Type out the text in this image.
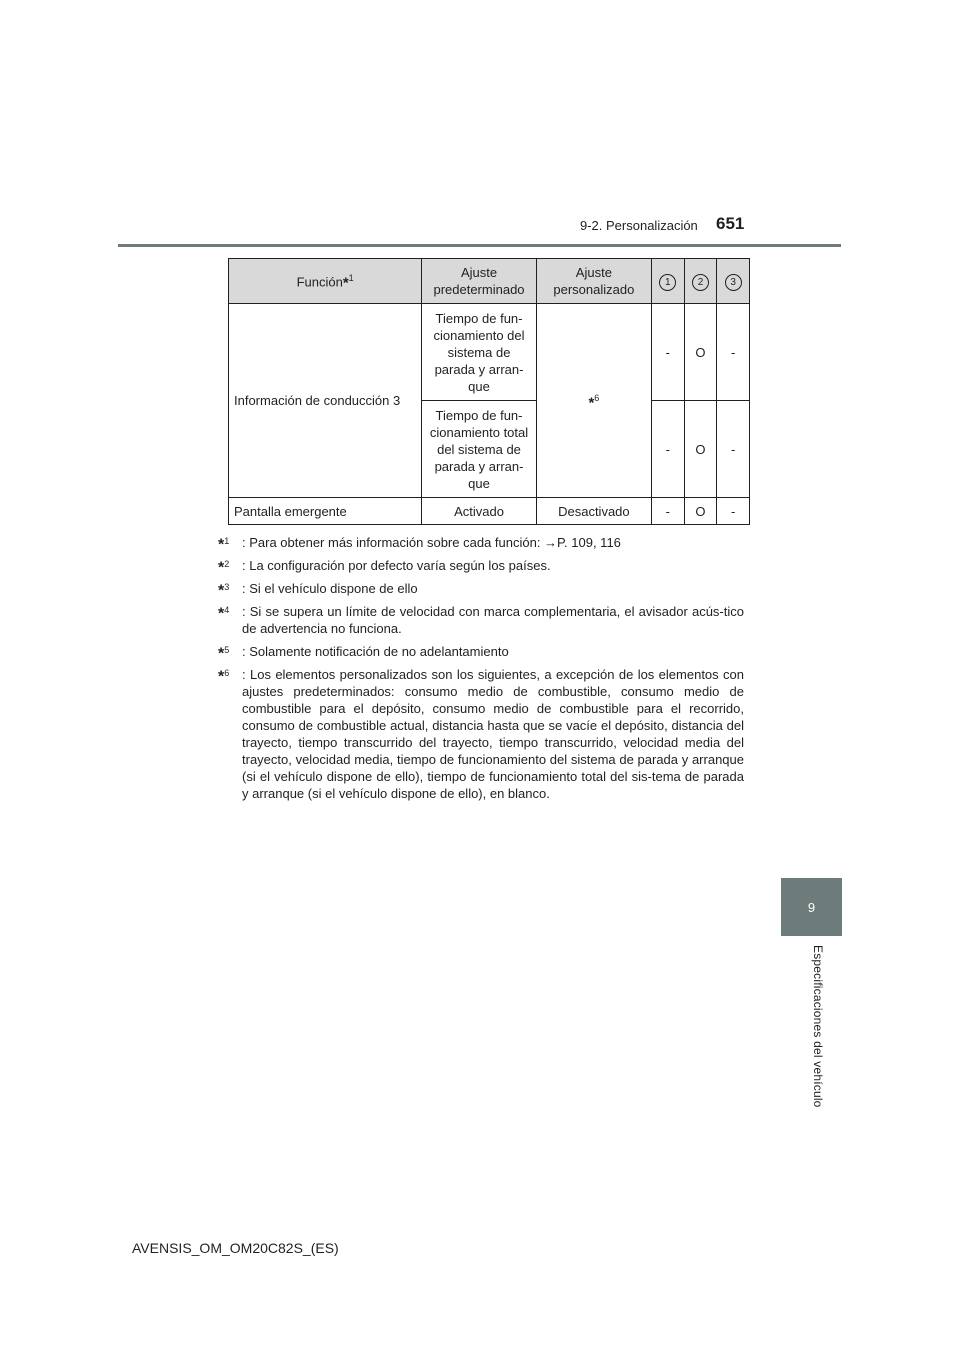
9-2. Personalización 651
9
Especificaciones del vehículo
Función*$^1$	Ajuste predeterminado	Ajuste personalizado	1	2	3
Información de conducción 3	Tiempo de fun-cionamiento del sistema de parada y arran-que	*$^6$	-	O	-

	Tiempo de fun-cionamiento total del sistema de parada y arran-que		-	O	-
Pantalla emergente	Activado	Desactivado	-	O	-
*$^1$ : Para obtener más información sobre cada función: →P. 109, 116
*$^2$ : La configuración por defecto varía según los países.
*$^3$ : Si el vehículo dispone de ello
*$^4$ : Si se supera un límite de velocidad con marca complementaria, el avisador acús-tico de advertencia no funciona.
*$^5$ : Solamente notificación de no adelantamiento
*$^6$ : Los elementos personalizados son los siguientes, a excepción de los elementos con ajustes predeterminados: consumo medio de combustible, consumo medio de combustible para el depósito, consumo medio de combustible para el recorrido, consumo de combustible actual, distancia hasta que se vacíe el depósito, distancia del trayecto, tiempo transcurrido del trayecto, tiempo transcurrido, velocidad media del trayecto, velocidad media, tiempo de funcionamiento del sistema de parada y arranque (si el vehículo dispone de ello), tiempo de funcionamiento total del sis-tema de parada y arranque (si el vehículo dispone de ello), en blanco.
AVENSIS_OM_OM20C82S_(ES)
